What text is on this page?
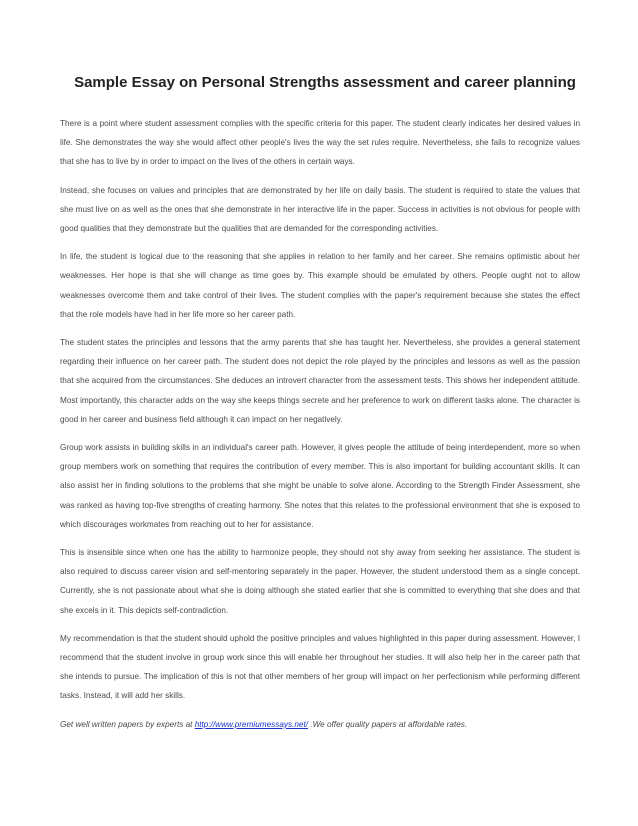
Sample Essay on Personal Strengths assessment and career planning

There is a point where student assessment complies with the specific criteria for this paper. The student clearly indicates her desired values in life. She demonstrates the way she would affect other people's lives the way the set rules require. Nevertheless, she fails to recognize values that she has to live by in order to impact on the lives of the others in certain ways.

Instead, she focuses on values and principles that are demonstrated by her life on daily basis. The student is required to state the values that she must live on as well as the ones that she demonstrate in her interactive life in the paper. Success in activities is not obvious for people with good qualities that they demonstrate but the qualities that are demanded for the corresponding activities.

In life, the student is logical due to the reasoning that she applies in relation to her family and her career. She remains optimistic about her weaknesses. Her hope is that she will change as time goes by. This example should be emulated by others. People ought not to allow weaknesses overcome them and take control of their lives. The student complies with the paper's requirement because she states the effect that the role models have had in her life more so her career path.

The student states the principles and lessons that the army parents that she has taught her. Nevertheless, she provides a general statement regarding their influence on her career path. The student does not depict the role played by the principles and lessons as well as the passion that she acquired from the circumstances. She deduces an introvert character from the assessment tests. This shows her independent attitude. Most importantly, this character adds on the way she keeps things secrete and her preference to work on different tasks alone. The character is good in her career and business field although it can impact on her negatively.

Group work assists in building skills in an individual's career path. However, it gives people the attitude of being interdependent, more so when group members work on something that requires the contribution of every member. This is also important for building accountant skills. It can also assist her in finding solutions to the problems that she might be unable to solve alone. According to the Strength Finder Assessment, she was ranked as having top-five strengths of creating harmony. She notes that this relates to the professional environment that she is exposed to which discourages workmates from reaching out to her for assistance.

This is insensible since when one has the ability to harmonize people, they should not shy away from seeking her assistance. The student is also required to discuss career vision and self-mentoring separately in the paper. However, the student understood them as a single concept. Currently, she is not passionate about what she is doing although she stated earlier that she is committed to everything that she does and that she excels in it. This depicts self-contradiction.

My recommendation is that the student should uphold the positive principles and values highlighted in this paper during assessment. However, I recommend that the student involve in group work since this will enable her throughout her studies. It will also help her in the career path that she intends to pursue. The implication of this is not that other members of her group will impact on her perfectionism while performing different tasks. Instead, it will add her skills.

Get well written papers by experts at http://www.premiumessays.net/ .We offer quality papers at affordable rates.
